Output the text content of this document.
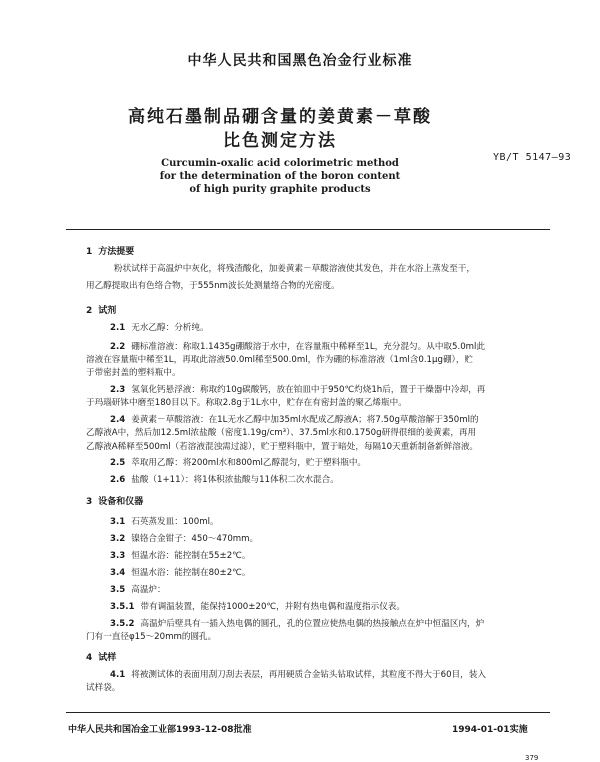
中华人民共和国黑色冶金行业标准
高纯石墨制品硼含量的姜黄素－草酸
比色测定方法
YB/T 5147—93
Curcumin-oxalic acid colorimetric method
for the determination of the boron content
of high purity graphite products
1 方法提要
粉状试样于高温炉中灰化，将残渣酸化，加姜黄素－草酸溶液使其发色，并在水浴上蒸发至干，
用乙醇提取出有色络合物，于555nm波长处测量络合物的光密度。
2 试剂
2.1 无水乙醇：分析纯。
2.2 硼标准溶液：称取1.1435g硼酸溶于水中，在容量瓶中稀释至1L，充分混匀。从中取5.0ml此
溶液在容量瓶中稀至1L，再取此溶液50.0ml稀至500.0ml，作为硼的标准溶液（1ml含0.1μg硼），贮
于带密封盖的塑料瓶中。
2.3 氢氧化钙悬浮液：称取约10g碳酸钙，放在铂皿中于950℃灼烧1h后，置于干燥器中冷却，再
于玛瑙研钵中磨至180目以下。称取2.8g于1L水中，贮存在有密封盖的聚乙烯瓶中。
2.4 姜黄素－草酸溶液：在1L无水乙醇中加35ml水配成乙醇液A；将7.50g草酸溶解于350ml的
乙醇液A中，然后加12.5ml浓盐酸（密度1.19g/cm³）、37.5ml水和0.1750g研得很细的姜黄素，再用
乙醇液A稀释至500ml（若溶液混浊需过滤），贮于塑料瓶中，置于暗处，每隔10天重新制备新鲜溶液。
2.5 萃取用乙醇：将200ml水和800ml乙醇混匀，贮于塑料瓶中。
2.6 盐酸（1+11）：将1体积浓盐酸与11体积二次水混合。
3 设备和仪器
3.1 石英蒸发皿：100ml。
3.2 镍铬合金钳子：450～470mm。
3.3 恒温水浴：能控制在55±2℃。
3.4 恒温水浴：能控制在80±2℃。
3.5 高温炉：
3.5.1 带有调温装置，能保持1000±20℃，并附有热电偶和温度指示仪表。
3.5.2 高温炉后壁具有一插入热电偶的圆孔，孔的位置应使热电偶的热接触点在炉中恒温区内，炉
门有一直径φ15～20mm的圆孔。
4 试样
4.1 将被测试体的表面用刮刀刮去表层，再用硬质合金钻头钻取试样，其粒度不得大于60目，装入
试样袋。
中华人民共和国冶金工业部1993-12-08批准	1994-01-01实施
379
